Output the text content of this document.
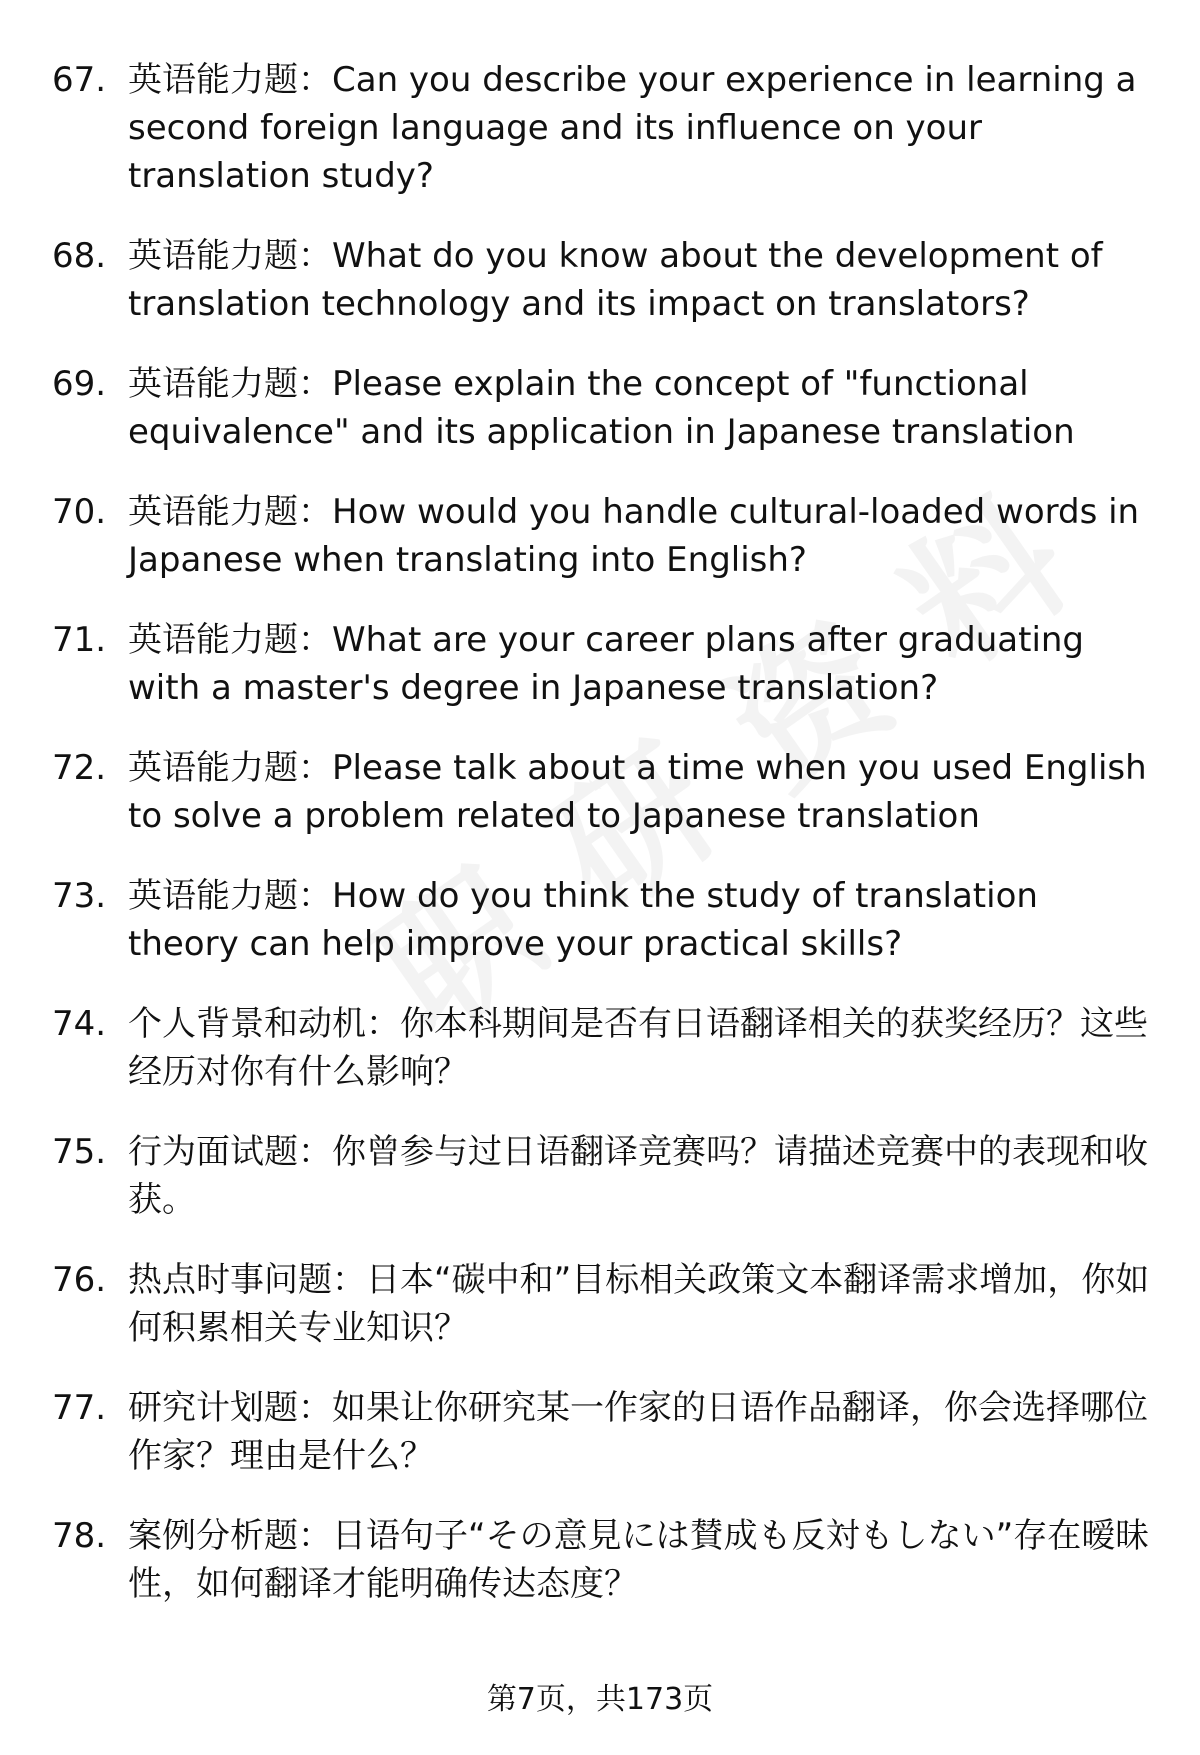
67. 英语能力题：Can you describe your experience in learning a second foreign language and its influence on your translation study?
68. 英语能力题：What do you know about the development of translation technology and its impact on translators?
69. 英语能力题：Please explain the concept of "functional equivalence" and its application in Japanese translation
70. 英语能力题：How would you handle cultural-loaded words in Japanese when translating into English?
71. 英语能力题：What are your career plans after graduating with a master's degree in Japanese translation?
72. 英语能力题：Please talk about a time when you used English to solve a problem related to Japanese translation
73. 英语能力题：How do you think the study of translation theory can help improve your practical skills?
74. 个人背景和动机：你本科期间是否有日语翻译相关的获奖经历？这些经历对你有什么影响？
75. 行为面试题：你曾参与过日语翻译竞赛吗？请描述竞赛中的表现和收获。
76. 热点时事问题：日本“碳中和”目标相关政策文本翻译需求增加，你如何积累相关专业知识？
77. 研究计划题：如果让你研究某一作家的日语作品翻译，你会选择哪位作家？理由是什么？
78. 案例分析题：日语句子“その意見には賛成も反対もしない”存在暧昧性，如何翻译才能明确传达态度？
第7页，共173页
